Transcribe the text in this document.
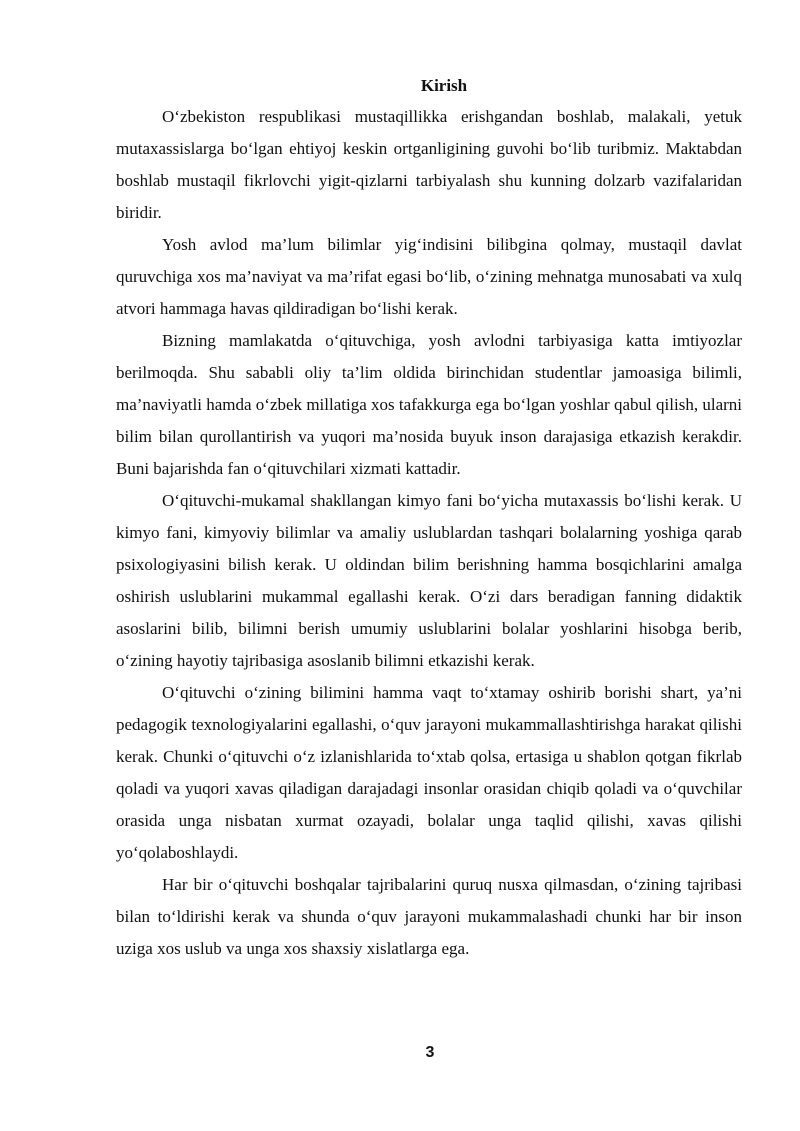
Kirish

O‘zbekiston respublikasi mustaqillikka erishgandan boshlab, malakali, yetuk mutaxassislarga bo‘lgan ehtiyoj keskin ortganligining guvohi bo‘lib turibmiz. Maktabdan boshlab mustaqil fikrlovchi yigit-qizlarni tarbiyalash shu kunning dolzarb vazifalaridan biridir.

Yosh avlod ma’lum bilimlar yig‘indisini bilibgina qolmay, mustaqil davlat quruvchiga xos ma’naviyat va ma’rifat egasi bo‘lib, o‘zining mehnatga munosabati va xulq atvori hammaga havas qildiradigan bo‘lishi kerak.

Bizning mamlakatda o‘qituvchiga, yosh avlodni tarbiyasiga katta imtiyozlar berilmoqda. Shu sababli oliy ta’lim oldida birinchidan studentlar jamoasiga bilimli, ma’naviyatli hamda o‘zbek millatiga xos tafakkurga ega bo‘lgan yoshlar qabul qilish, ularni bilim bilan qurollantirish va yuqori ma’nosida buyuk inson darajasiga etkazish kerakdir. Buni bajarishda fan o‘qituvchilari xizmati kattadir.

O‘qituvchi-mukamal shakllangan kimyo fani bo‘yicha mutaxassis bo‘lishi kerak. U kimyo fani, kimyoviy bilimlar va amaliy uslublardan tashqari bolalarning yoshiga qarab psixologiyasini bilish kerak. U oldindan bilim berishning hamma bosqichlarini amalga oshirish uslublarini mukammal egallashi kerak. O‘zi dars beradigan fanning didaktik asoslarini bilib, bilimni berish umumiy uslublarini bolalar yoshlarini hisobga berib, o‘zining hayotiy tajribasiga asoslanib bilimni etkazishi kerak.

O‘qituvchi o‘zining bilimini hamma vaqt to‘xtamay oshirib borishi shart, ya’ni pedagogik texnologiyalarini egallashi, o‘quv jarayoni mukammallashtirishga harakat qilishi kerak. Chunki o‘qituvchi o‘z izlanishlarida to‘xtab qolsa, ertasiga u shablon qotgan fikrlab qoladi va yuqori xavas qiladigan darajadagi insonlar orasidan chiqib qoladi va o‘quvchilar orasida unga nisbatan xurmat ozayadi, bolalar unga taqlid qilishi, xavas qilishi yo‘qolaboshlaydi.

Har bir o‘qituvchi boshqalar tajribalarini quruq nusxa qilmasdan, o‘zining tajribasi bilan to‘ldirishi kerak va shunda o‘quv jarayoni mukammalashadi chunki har bir inson uziga xos uslub va unga xos shaxsiy xislatlarga ega.

3
